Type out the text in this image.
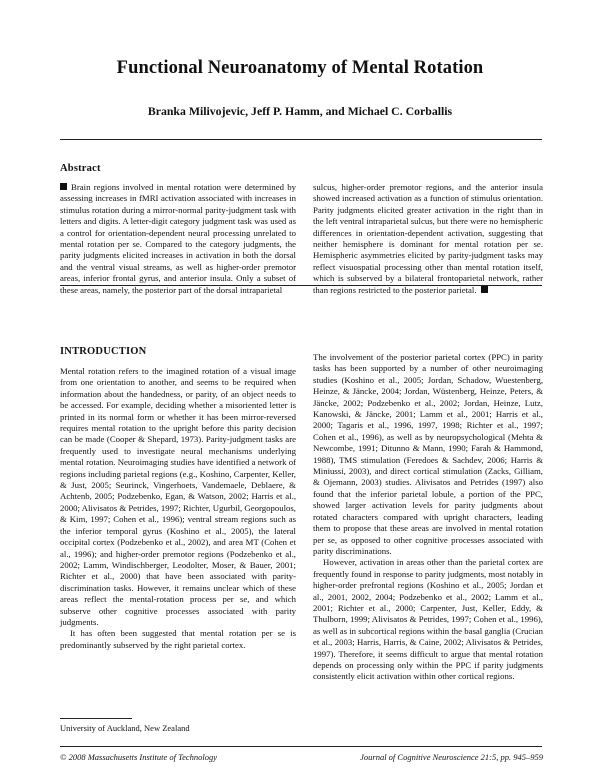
Functional Neuroanatomy of Mental Rotation
Branka Milivojevic, Jeff P. Hamm, and Michael C. Corballis
Abstract

Brain regions involved in mental rotation were determined by assessing increases in fMRI activation associated with increases in stimulus rotation during a mirror-normal parity-judgment task with letters and digits. A letter-digit category judgment task was used as a control for orientation-dependent neural processing unrelated to mental rotation per se. Compared to the category judgments, the parity judgments elicited increases in activation in both the dorsal and the ventral visual streams, as well as higher-order premotor areas, inferior frontal gyrus, and anterior insula. Only a subset of these areas, namely, the posterior part of the dorsal intraparietal

sulcus, higher-order premotor regions, and the anterior insula showed increased activation as a function of stimulus orientation. Parity judgments elicited greater activation in the right than in the left ventral intraparietal sulcus, but there were no hemispheric differences in orientation-dependent activation, suggesting that neither hemisphere is dominant for mental rotation per se. Hemispheric asymmetries elicited by parity-judgment tasks may reflect visuospatial processing other than mental rotation itself, which is subserved by a bilateral frontoparietal network, rather than regions restricted to the posterior parietal.

INTRODUCTION

Mental rotation refers to the imagined rotation of a visual image from one orientation to another, and seems to be required when information about the handedness, or parity, of an object needs to be accessed. For example, deciding whether a misoriented letter is printed in its normal form or whether it has been mirror-reversed requires mental rotation to the upright before this parity decision can be made (Cooper & Shepard, 1973). Parity-judgment tasks are frequently used to investigate neural mechanisms underlying mental rotation. Neuroimaging studies have identified a network of regions including parietal regions (e.g., Koshino, Carpenter, Keller, & Just, 2005; Seurinck, Vingerhoets, Vandemaele, Deblaere, & Achtenb, 2005; Podzebenko, Egan, & Watson, 2002; Harris et al., 2000; Alivisatos & Petrides, 1997; Richter, Ugurbil, Georgopoulos, & Kim, 1997; Cohen et al., 1996); ventral stream regions such as the inferior temporal gyrus (Koshino et al., 2005), the lateral occipital cortex (Podzebenko et al., 2002), and area MT (Cohen et al., 1996); and higher-order premotor regions (Podzebenko et al., 2002; Lamm, Windischberger, Leodolter, Moser, & Bauer, 2001; Richter et al., 2000) that have been associated with parity-discrimination tasks. However, it remains unclear which of these areas reflect the mental-rotation process per se, and which subserve other cognitive processes associated with parity judgments.

It has often been suggested that mental rotation per se is predominantly subserved by the right parietal cortex.

The involvement of the posterior parietal cortex (PPC) in parity tasks has been supported by a number of other neuroimaging studies (Koshino et al., 2005; Jordan, Schadow, Wuestenberg, Heinze, & Jäncke, 2004; Jordan, Wüstenberg, Heinze, Peters, & Jäncke, 2002; Podzebenko et al., 2002; Jordan, Heinze, Lutz, Kanowski, & Jäncke, 2001; Lamm et al., 2001; Harris et al., 2000; Tagaris et al., 1996, 1997, 1998; Richter et al., 1997; Cohen et al., 1996), as well as by neuropsychological (Mehta & Newcombe, 1991; Ditunno & Mann, 1990; Farah & Hammond, 1988), TMS stimulation (Feredoes & Sachdev, 2006; Harris & Miniussi, 2003), and direct cortical stimulation (Zacks, Gilliam, & Ojemann, 2003) studies. Alivisatos and Petrides (1997) also found that the inferior parietal lobule, a portion of the PPC, showed larger activation levels for parity judgments about rotated characters compared with upright characters, leading them to propose that these areas are involved in mental rotation per se, as opposed to other cognitive processes associated with parity discriminations.

However, activation in areas other than the parietal cortex are frequently found in response to parity judgments, most notably in higher-order prefrontal regions (Koshino et al., 2005; Jordan et al., 2001, 2002, 2004; Podzebenko et al., 2002; Lamm et al., 2001; Richter et al., 2000; Carpenter, Just, Keller, Eddy, & Thulborn, 1999; Alivisatos & Petrides, 1997; Cohen et al., 1996), as well as in subcortical regions within the basal ganglia (Crucian et al., 2003; Harris, Harris, & Caine, 2002; Alivisatos & Petrides, 1997). Therefore, it seems difficult to argue that mental rotation depends on processing only within the PPC if parity judgments consistently elicit activation within other cortical regions.

University of Auckland, New Zealand
© 2008 Massachusetts Institute of Technology	Journal of Cognitive Neuroscience 21:5, pp. 945–959
